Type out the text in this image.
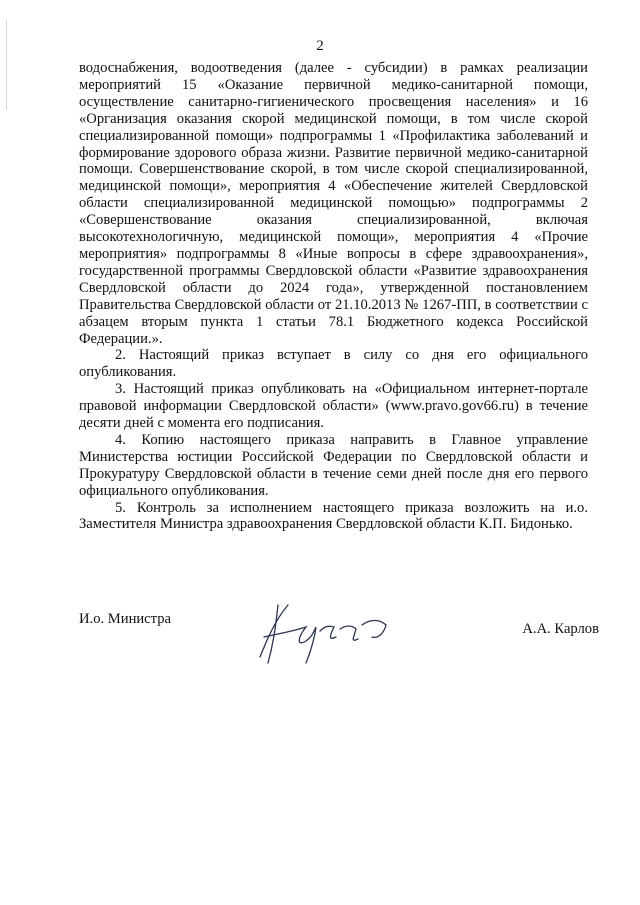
2

водоснабжения, водоотведения (далее - субсидии) в рамках реализации мероприятий 15 «Оказание первичной медико-санитарной помощи, осуществление санитарно-гигиенического просвещения населения» и 16 «Организация оказания скорой медицинской помощи, в том числе скорой специализированной помощи» подпрограммы 1 «Профилактика заболеваний и формирование здорового образа жизни. Развитие первичной медико-санитарной помощи. Совершенствование скорой, в том числе скорой специализированной, медицинской помощи», мероприятия 4 «Обеспечение жителей Свердловской области специализированной медицинской помощью» подпрограммы 2 «Совершенствование оказания специализированной, включая высокотехнологичную, медицинской помощи», мероприятия 4 «Прочие мероприятия» подпрограммы 8 «Иные вопросы в сфере здравоохранения», государственной программы Свердловской области «Развитие здравоохранения Свердловской области до 2024 года», утвержденной постановлением Правительства Свердловской области от 21.10.2013 № 1267-ПП, в соответствии с абзацем вторым пункта 1 статьи 78.1 Бюджетного кодекса Российской Федерации.».

2. Настоящий приказ вступает в силу со дня его официального опубликования.

3. Настоящий приказ опубликовать на «Официальном интернет-портале правовой информации Свердловской области» (www.pravo.gov66.ru) в течение десяти дней с момента его подписания.

4. Копию настоящего приказа направить в Главное управление Министерства юстиции Российской Федерации по Свердловской области и Прокуратуру Свердловской области в течение семи дней после дня его первого официального опубликования.

5. Контроль за исполнением настоящего приказа возложить на и.о. Заместителя Министра здравоохранения Свердловской области К.П. Бидонько.

И.о. Министра
А.А. Карлов
